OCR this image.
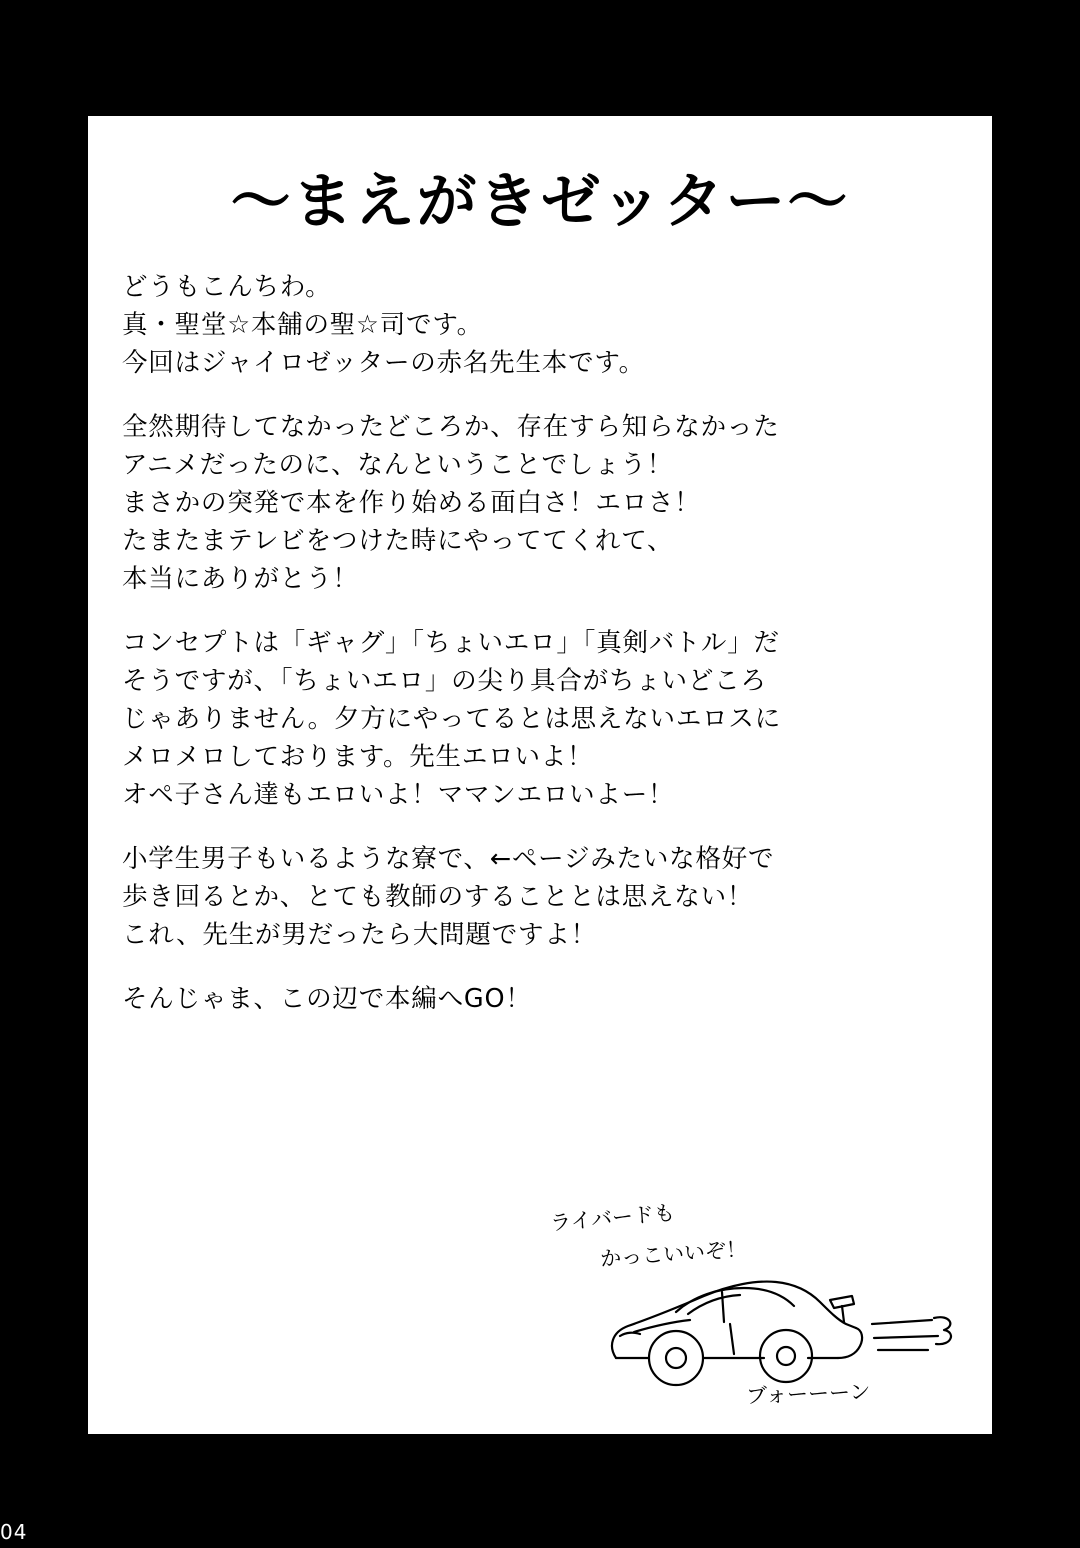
〜まえがきゼッター〜
どうもこんちわ。
真・聖堂☆本舗の聖☆司です。
今回はジャイロゼッターの赤名先生本です。
全然期待してなかったどころか、存在すら知らなかった
アニメだったのに、なんということでしょう！
まさかの突発で本を作り始める面白さ！エロさ！
たまたまテレビをつけた時にやっててくれて、
本当にありがとう！
コンセプトは「ギャグ」「ちょいエロ」「真剣バトル」だ
そうですが、「ちょいエロ」の尖り具合がちょいどころ
じゃありません。夕方にやってるとは思えないエロスに
メロメロしております。先生エロいよ！
オペ子さん達もエロいよ！ママンエロいよー！
小学生男子もいるような寮で、←ページみたいな格好で
歩き回るとか、とても教師のすることとは思えない！
これ、先生が男だったら大問題ですよ！
そんじゃま、この辺で本編へGO！
ライバードも
かっこいいぞ！
ブォーーーン
04
